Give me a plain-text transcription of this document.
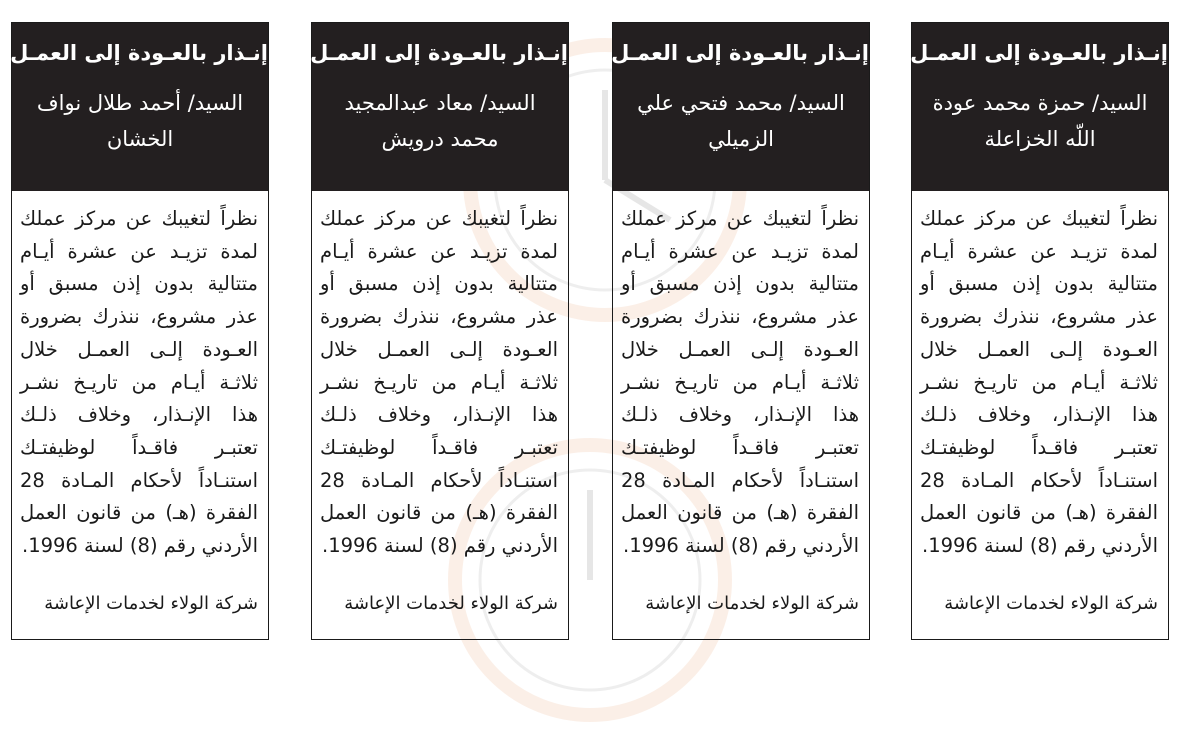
إنـذار بالعـودة إلى العمـل
السيد/ حمزة محمد عودة اللّه الخزاعلة
نظراً لتغيبك عن مركز عملك لمدة تزيـد عن عشرة أيـام متتالية بدون إذن مسبق أو عذر مشروع، ننذرك بضرورة العـودة إلـى العمـل خلال ثلاثـة أيـام من تاريـخ نشـر هذا الإنـذار، وخلاف ذلـك تعتبـر فاقـداً لوظيفتـك استنـاداً لأحكام المـادة 28 الفقرة (هـ) من قانون العمل الأردني رقم (8) لسنة 1996.
شركة الولاء لخدمات الإعاشة
إنـذار بالعـودة إلى العمـل
السيد/ محمد فتحي علي الزميلي
نظراً لتغيبك عن مركز عملك لمدة تزيـد عن عشرة أيـام متتالية بدون إذن مسبق أو عذر مشروع، ننذرك بضرورة العـودة إلـى العمـل خلال ثلاثـة أيـام من تاريـخ نشـر هذا الإنـذار، وخلاف ذلـك تعتبـر فاقـداً لوظيفتـك استنـاداً لأحكام المـادة 28 الفقرة (هـ) من قانون العمل الأردني رقم (8) لسنة 1996.
شركة الولاء لخدمات الإعاشة
إنـذار بالعـودة إلى العمـل
السيد/ معاد عبدالمجيد محمد درويش
نظراً لتغيبك عن مركز عملك لمدة تزيـد عن عشرة أيـام متتالية بدون إذن مسبق أو عذر مشروع، ننذرك بضرورة العـودة إلـى العمـل خلال ثلاثـة أيـام من تاريـخ نشـر هذا الإنـذار، وخلاف ذلـك تعتبـر فاقـداً لوظيفتـك استنـاداً لأحكام المـادة 28 الفقرة (هـ) من قانون العمل الأردني رقم (8) لسنة 1996.
شركة الولاء لخدمات الإعاشة
إنـذار بالعـودة إلى العمـل
السيد/ أحمد طلال نواف الخشان
نظراً لتغيبك عن مركز عملك لمدة تزيـد عن عشرة أيـام متتالية بدون إذن مسبق أو عذر مشروع، ننذرك بضرورة العـودة إلـى العمـل خلال ثلاثـة أيـام من تاريـخ نشـر هذا الإنـذار، وخلاف ذلـك تعتبـر فاقـداً لوظيفتـك استنـاداً لأحكام المـادة 28 الفقرة (هـ) من قانون العمل الأردني رقم (8) لسنة 1996.
شركة الولاء لخدمات الإعاشة
